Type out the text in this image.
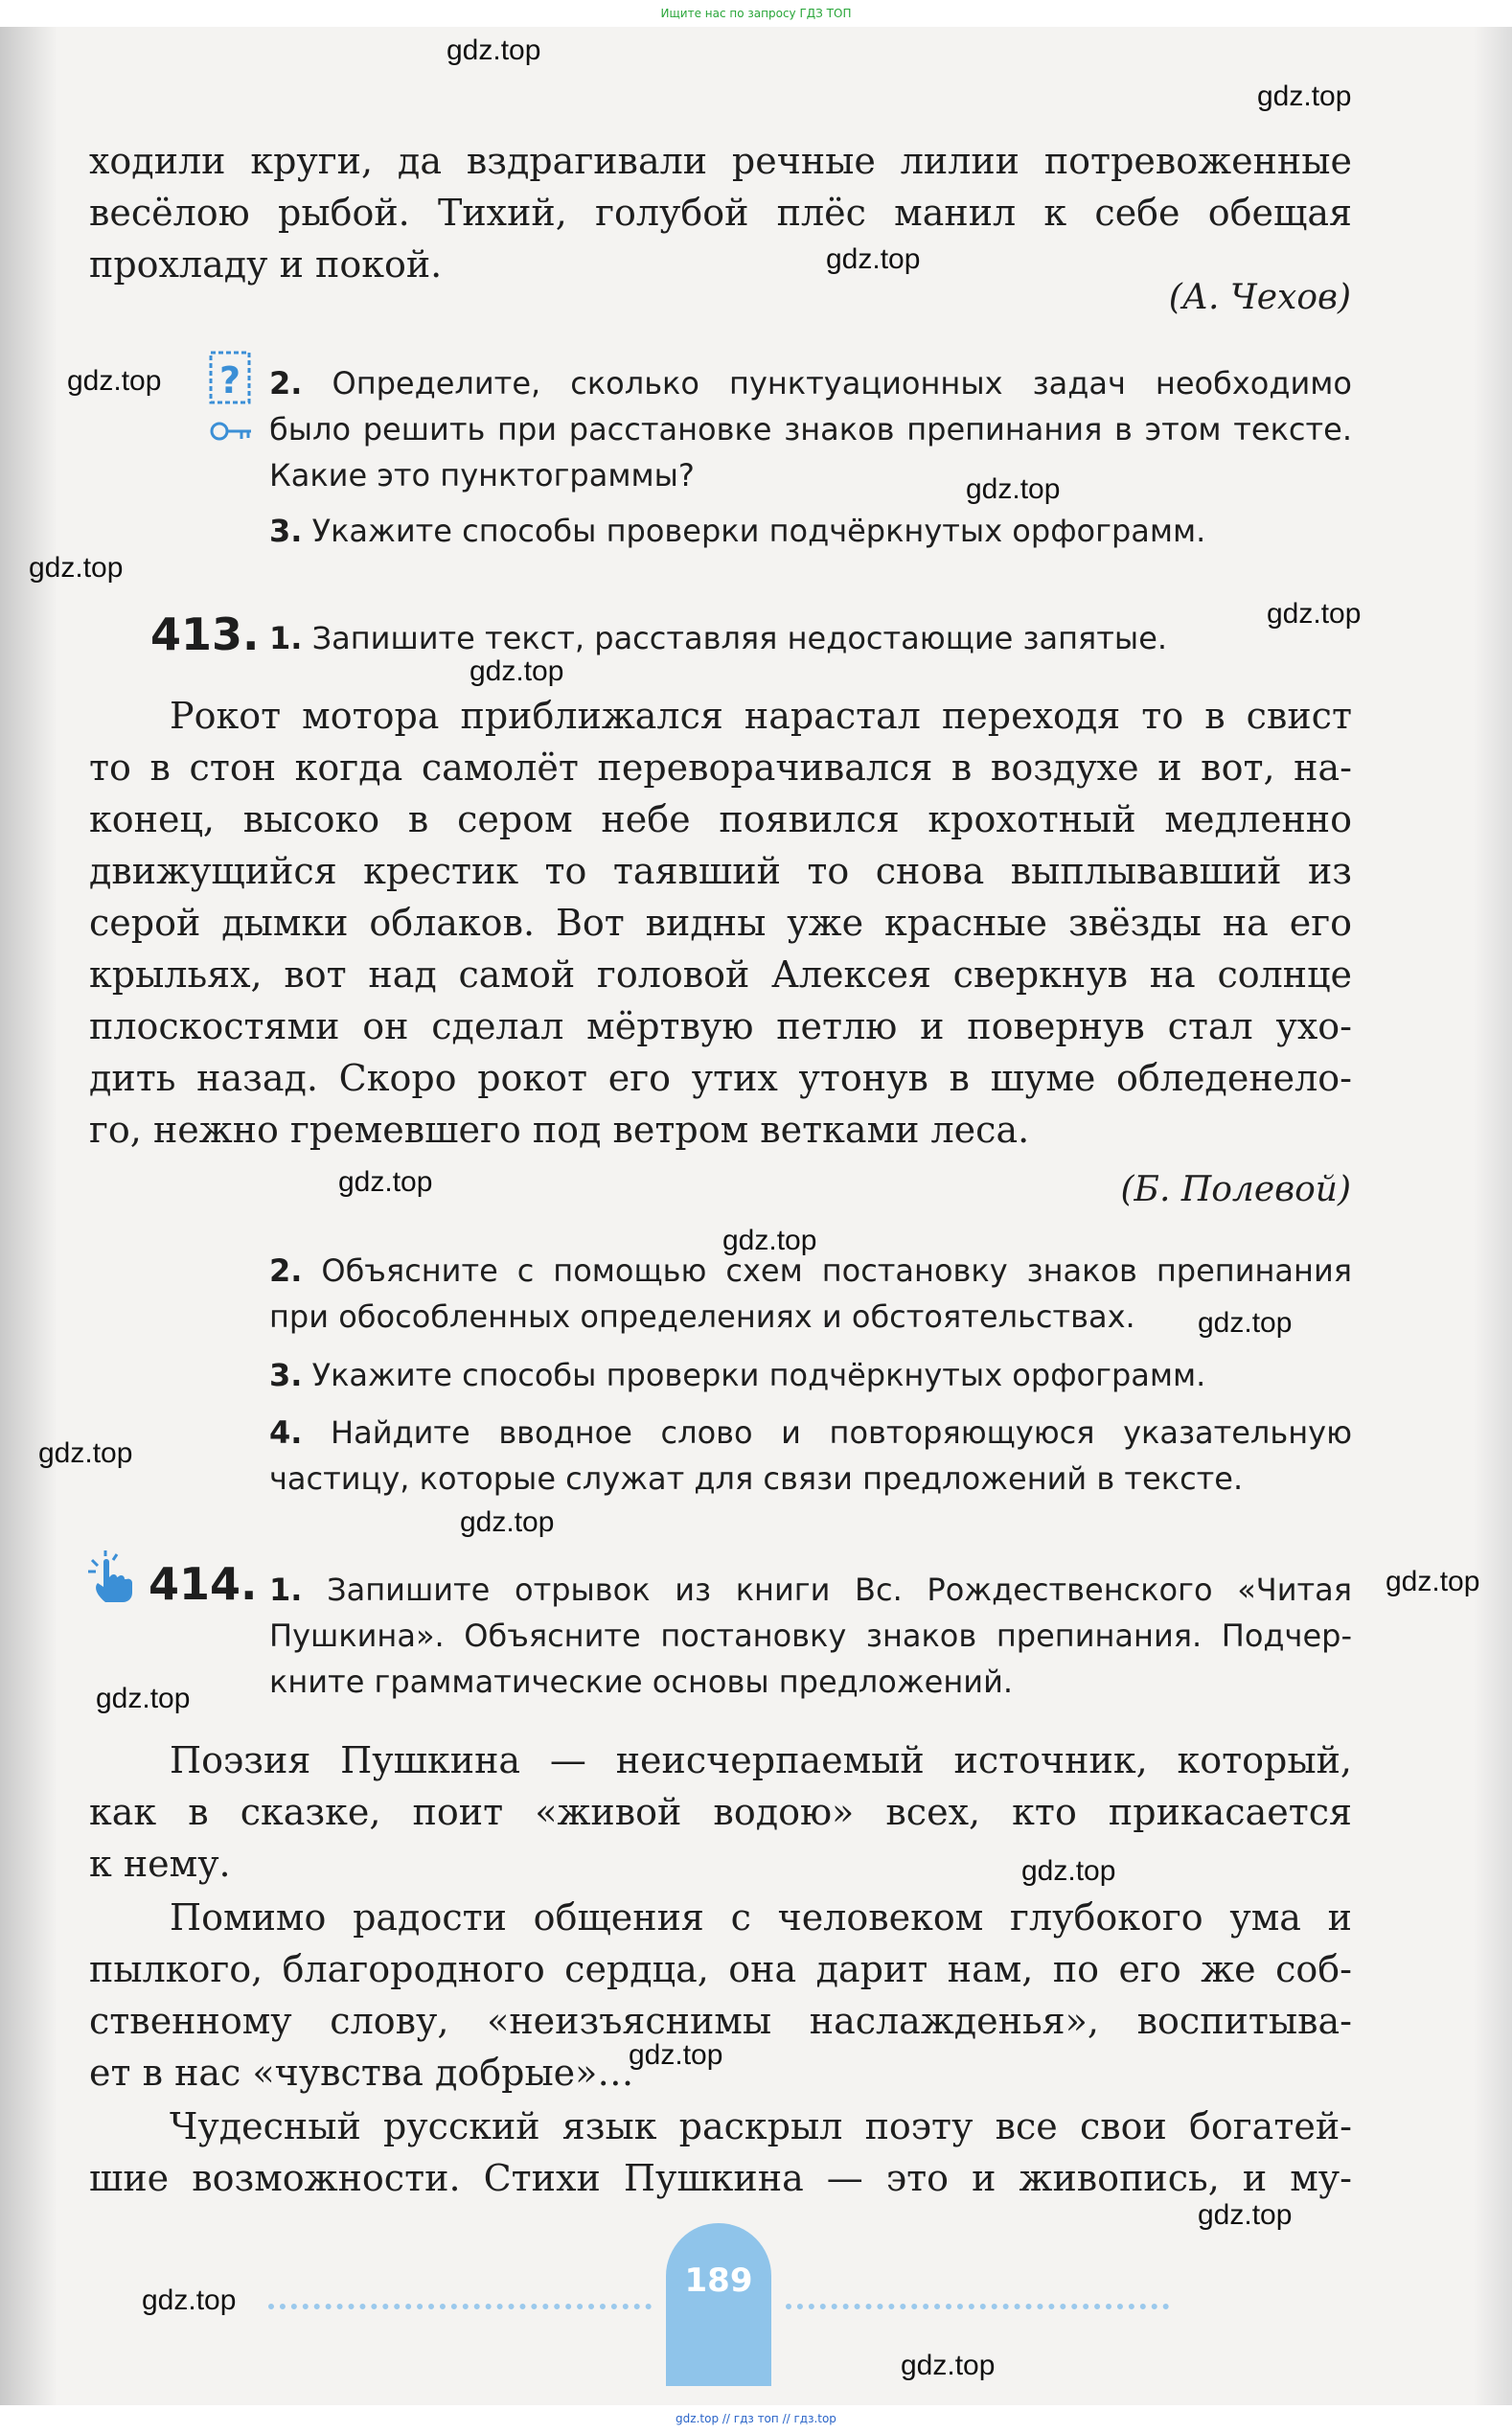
Ищите нас по запросу ГДЗ ТОП
ходили круги, да вздрагивали речные лилии потревоженные
весёлою рыбой. Тихий, голубой плёс манил к себе обещая
прохладу и покой.
(А. Чехов)
? 2. Определите, сколько пунктуационных задач необходимо
было решить при расстановке знаков препинания в этом тексте.
Какие это пунктограммы?
3. Укажите способы проверки подчёркнутых орфограмм.
413. 1. Запишите текст, расставляя недостающие запятые.
Рокот мотора приближался нарастал переходя то в свист
то в стон когда самолёт переворачивался в воздухе и вот, на-
конец, высоко в сером небе появился крохотный медленно
движущийся крестик то таявший то снова выплывавший из
серой дымки облаков. Вот видны уже красные звёзды на его
крыльях, вот над самой головой Алексея сверкнув на солнце
плоскостями он сделал мёртвую петлю и повернув стал ухо-
дить назад. Скоро рокот его утих утонув в шуме обледенело-
го, нежно гремевшего под ветром ветками леса.
(Б. Полевой)
2. Объясните с помощью схем постановку знаков препинания
при обособленных определениях и обстоятельствах.
3. Укажите способы проверки подчёркнутых орфограмм.
4. Найдите вводное слово и повторяющуюся указательную
частицу, которые служат для связи предложений в тексте.
414. 1. Запишите отрывок из книги Вс. Рождественского «Читая
Пушкина». Объясните постановку знаков препинания. Подчер-
кните грамматические основы предложений.
Поэзия Пушкина — неисчерпаемый источник, который,
как в сказке, поит «живой водою» всех, кто прикасается
к нему.
Помимо радости общения с человеком глубокого ума и
пылкого, благородного сердца, она дарит нам, по его же соб-
ственному слову, «неизъяснимы наслажденья», воспитыва-
ет в нас «чувства добрые»…
Чудесный русский язык раскрыл поэту все свои богатей-
шие возможности. Стихи Пушкина — это и живопись, и му-
189
gdz.top
gdz.top
gdz.top
gdz.top
gdz.top
gdz.top
gdz.top
gdz.top
gdz.top
gdz.top
gdz.top
gdz.top
gdz.top
gdz.top
gdz.top
gdz.top
gdz.top
gdz.top
gdz.top
gdz.top
gdz.top // гдз топ // гдз.top
